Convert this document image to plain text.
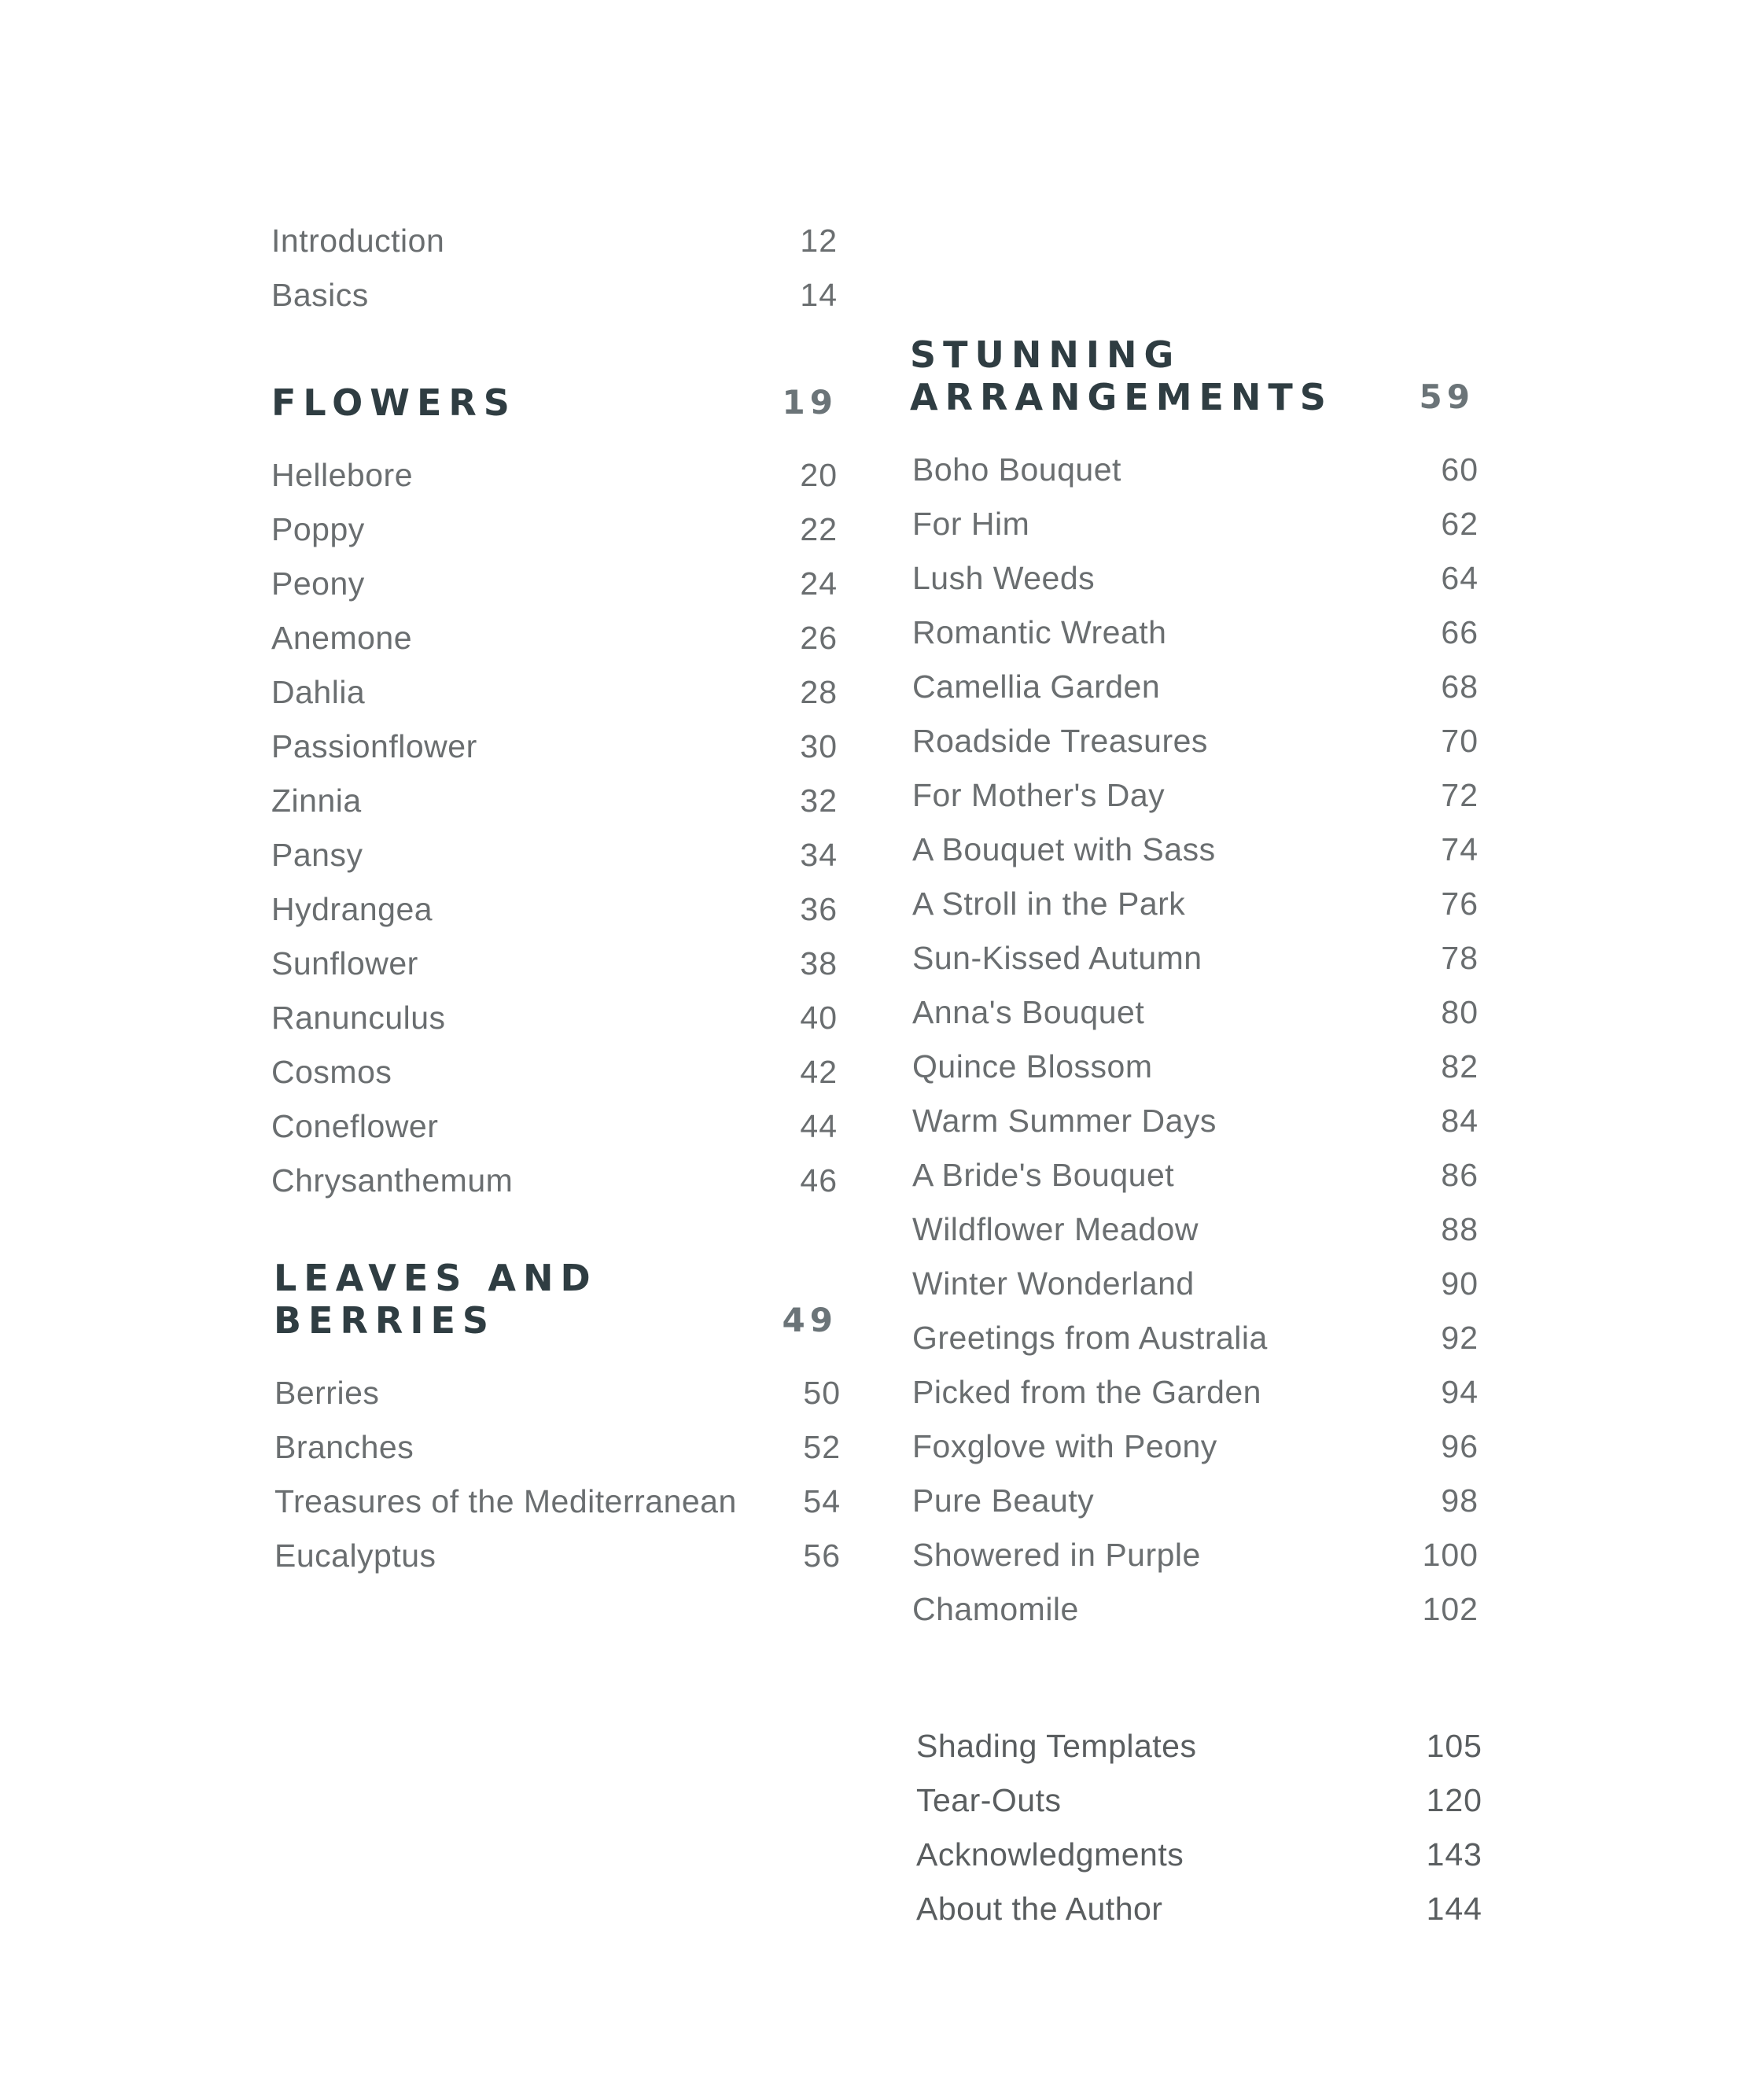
Introduction	12
Basics	14
FLOWERS	19
Hellebore	20
Poppy	22
Peony	24
Anemone	26
Dahlia	28
Passionflower	30
Zinnia	32
Pansy	34
Hydrangea	36
Sunflower	38
Ranunculus	40
Cosmos	42
Coneflower	44
Chrysanthemum	46
LEAVES AND
BERRIES	49
Berries	50
Branches	52
Treasures of the Mediterranean 54
Eucalyptus	56
STUNNING
ARRANGEMENTS	59
Boho Bouquet	60
For Him	62
Lush Weeds	64
Romantic Wreath	66
Camellia Garden	68
Roadside Treasures	70
For Mother's Day	72
A Bouquet with Sass	74
A Stroll in the Park	76
Sun-Kissed Autumn	78
Anna's Bouquet	80
Quince Blossom	82
Warm Summer Days	84
A Bride's Bouquet	86
Wildflower Meadow	88
Winter Wonderland	90
Greetings from Australia	92
Picked from the Garden	94
Foxglove with Peony	96
Pure Beauty	98
Showered in Purple	100
Chamomile	102
Shading Templates	105
Tear-Outs	120
Acknowledgments	143
About the Author	144
